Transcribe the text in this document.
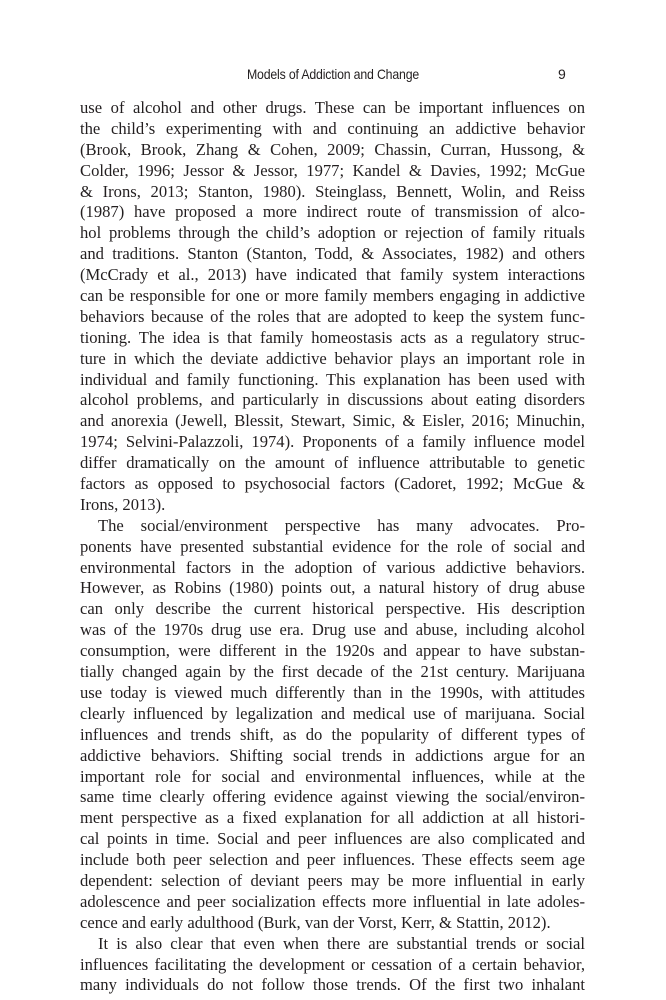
Models of Addiction and Change	9
use of alcohol and other drugs. These can be important influences on
the child’s experimenting with and continuing an addictive behavior
(Brook, Brook, Zhang & Cohen, 2009; Chassin, Curran, Hussong, &
Colder, 1996; Jessor & Jessor, 1977; Kandel & Davies, 1992; McGue
& Irons, 2013; Stanton, 1980). Steinglass, Bennett, Wolin, and Reiss
(1987) have proposed a more indirect route of transmission of alco-
hol problems through the child’s adoption or rejection of family rituals
and traditions. Stanton (Stanton, Todd, & Associates, 1982) and others
(McCrady et al., 2013) have indicated that family system interactions
can be responsible for one or more family members engaging in addictive
behaviors because of the roles that are adopted to keep the system func-
tioning. The idea is that family homeostasis acts as a regulatory struc-
ture in which the deviate addictive behavior plays an important role in
individual and family functioning. This explanation has been used with
alcohol problems, and particularly in discussions about eating disorders
and anorexia (Jewell, Blessit, Stewart, Simic, & Eisler, 2016; Minuchin,
1974; Selvini-Palazzoli, 1974). Proponents of a family influence model
differ dramatically on the amount of influence attributable to genetic
factors as opposed to psychosocial factors (Cadoret, 1992; McGue &
Irons, 2013).
The social/environment perspective has many advocates. Pro-
ponents have presented substantial evidence for the role of social and
environmental factors in the adoption of various addictive behaviors.
However, as Robins (1980) points out, a natural history of drug abuse
can only describe the current historical perspective. His description
was of the 1970s drug use era. Drug use and abuse, including alcohol
consumption, were different in the 1920s and appear to have substan-
tially changed again by the first decade of the 21st century. Marijuana
use today is viewed much differently than in the 1990s, with attitudes
clearly influenced by legalization and medical use of marijuana. Social
influences and trends shift, as do the popularity of different types of
addictive behaviors. Shifting social trends in addictions argue for an
important role for social and environmental influences, while at the
same time clearly offering evidence against viewing the social/environ-
ment perspective as a fixed explanation for all addiction at all histori-
cal points in time. Social and peer influences are also complicated and
include both peer selection and peer influences. These effects seem age
dependent: selection of deviant peers may be more influential in early
adolescence and peer socialization effects more influential in late adoles-
cence and early adulthood (Burk, van der Vorst, Kerr, & Stattin, 2012).
It is also clear that even when there are substantial trends or social
influences facilitating the development or cessation of a certain behavior,
many individuals do not follow those trends. Of the first two inhalant
